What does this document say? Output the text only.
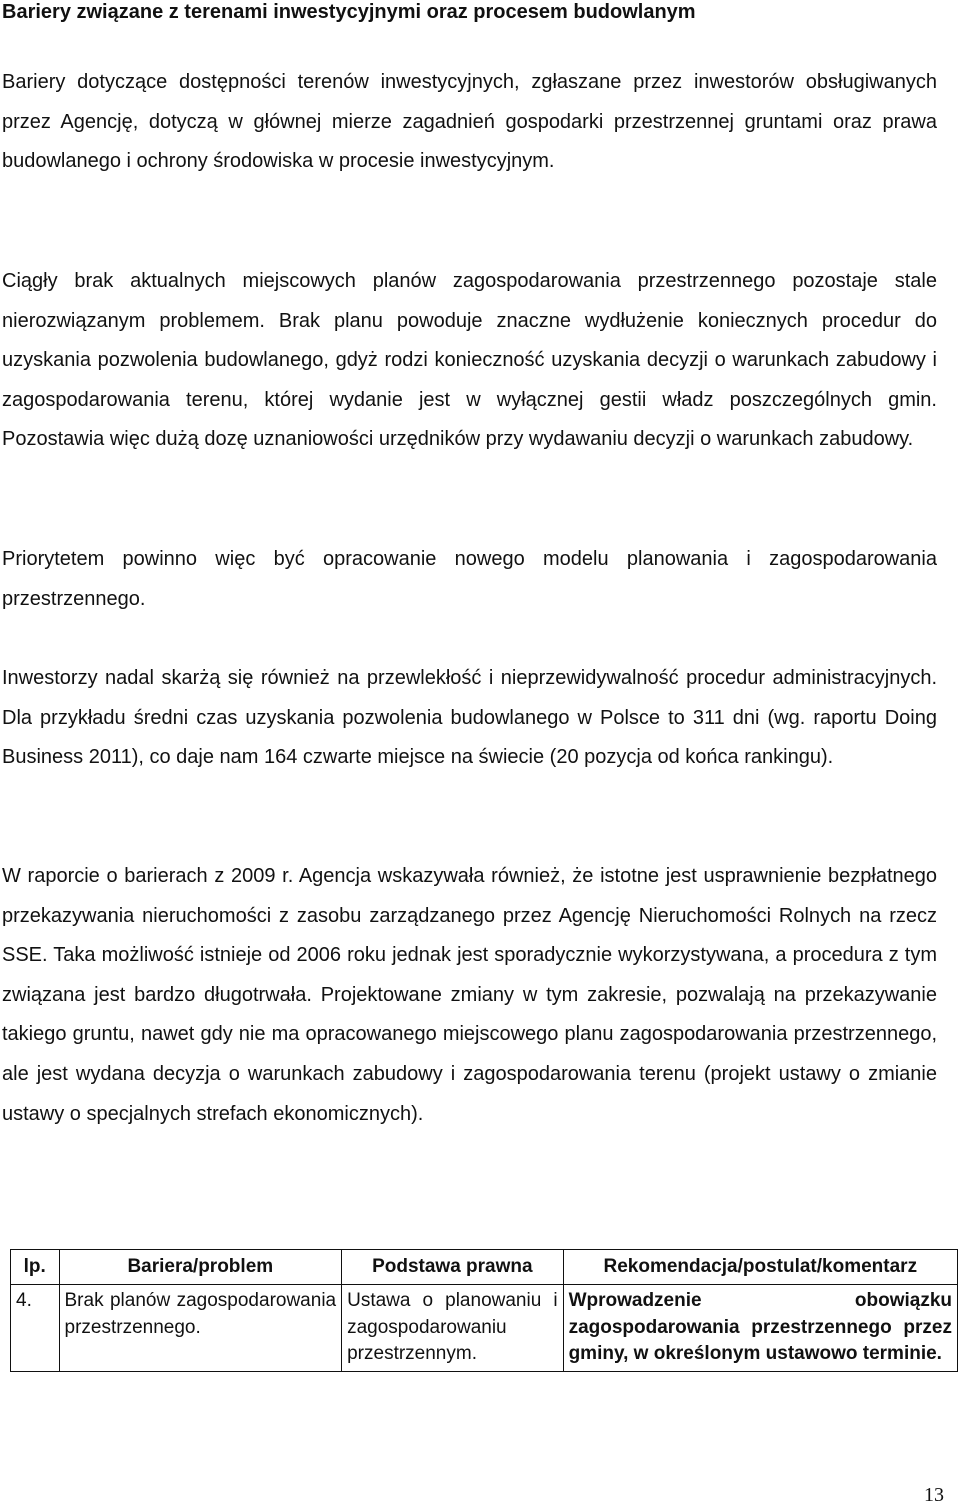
Bariery związane z terenami inwestycyjnymi oraz procesem budowlanym

Bariery dotyczące dostępności terenów inwestycyjnych, zgłaszane przez inwestorów obsługiwanych przez Agencję, dotyczą w głównej mierze zagadnień gospodarki przestrzennej gruntami oraz prawa budowlanego i ochrony środowiska w procesie inwestycyjnym.

Ciągły brak aktualnych miejscowych planów zagospodarowania przestrzennego pozostaje stale nierozwiązanym problemem. Brak planu powoduje znaczne wydłużenie koniecznych procedur do uzyskania pozwolenia budowlanego, gdyż rodzi konieczność uzyskania decyzji o warunkach zabudowy i zagospodarowania terenu, której wydanie jest w wyłącznej gestii władz poszczególnych gmin. Pozostawia więc dużą dozę uznaniowości urzędników przy wydawaniu decyzji o warunkach zabudowy.

Priorytetem powinno więc być opracowanie nowego modelu planowania i zagospodarowania przestrzennego.

Inwestorzy nadal skarżą się również na przewlekłość i nieprzewidywalność procedur administracyjnych. Dla przykładu średni czas uzyskania pozwolenia budowlanego w Polsce to 311 dni (wg. raportu Doing Business 2011), co daje nam 164 czwarte miejsce na świecie (20 pozycja od końca rankingu).

W raporcie o barierach z 2009 r. Agencja wskazywała również, że istotne jest usprawnienie bezpłatnego przekazywania nieruchomości z zasobu zarządzanego przez Agencję Nieruchomości Rolnych na rzecz SSE. Taka możliwość istnieje od 2006 roku jednak jest sporadycznie wykorzystywana, a procedura z tym związana jest bardzo długotrwała. Projektowane zmiany w tym zakresie, pozwalają na przekazywanie takiego gruntu, nawet gdy nie ma opracowanego miejscowego planu zagospodarowania przestrzennego, ale jest wydana decyzja o warunkach zabudowy i zagospodarowania terenu (projekt ustawy o zmianie ustawy o specjalnych strefach ekonomicznych).

lp.	Bariera/problem	Podstawa prawna	Rekomendacja/postulat/komentarz
4.	Brak planów zagospodarowania przestrzennego.	Ustawa o planowaniu i zagospodarowaniu przestrzennym.	Wprowadzenie obowiązku zagospodarowania przestrzennego przez gminy, w określonym ustawowo terminie.
13
